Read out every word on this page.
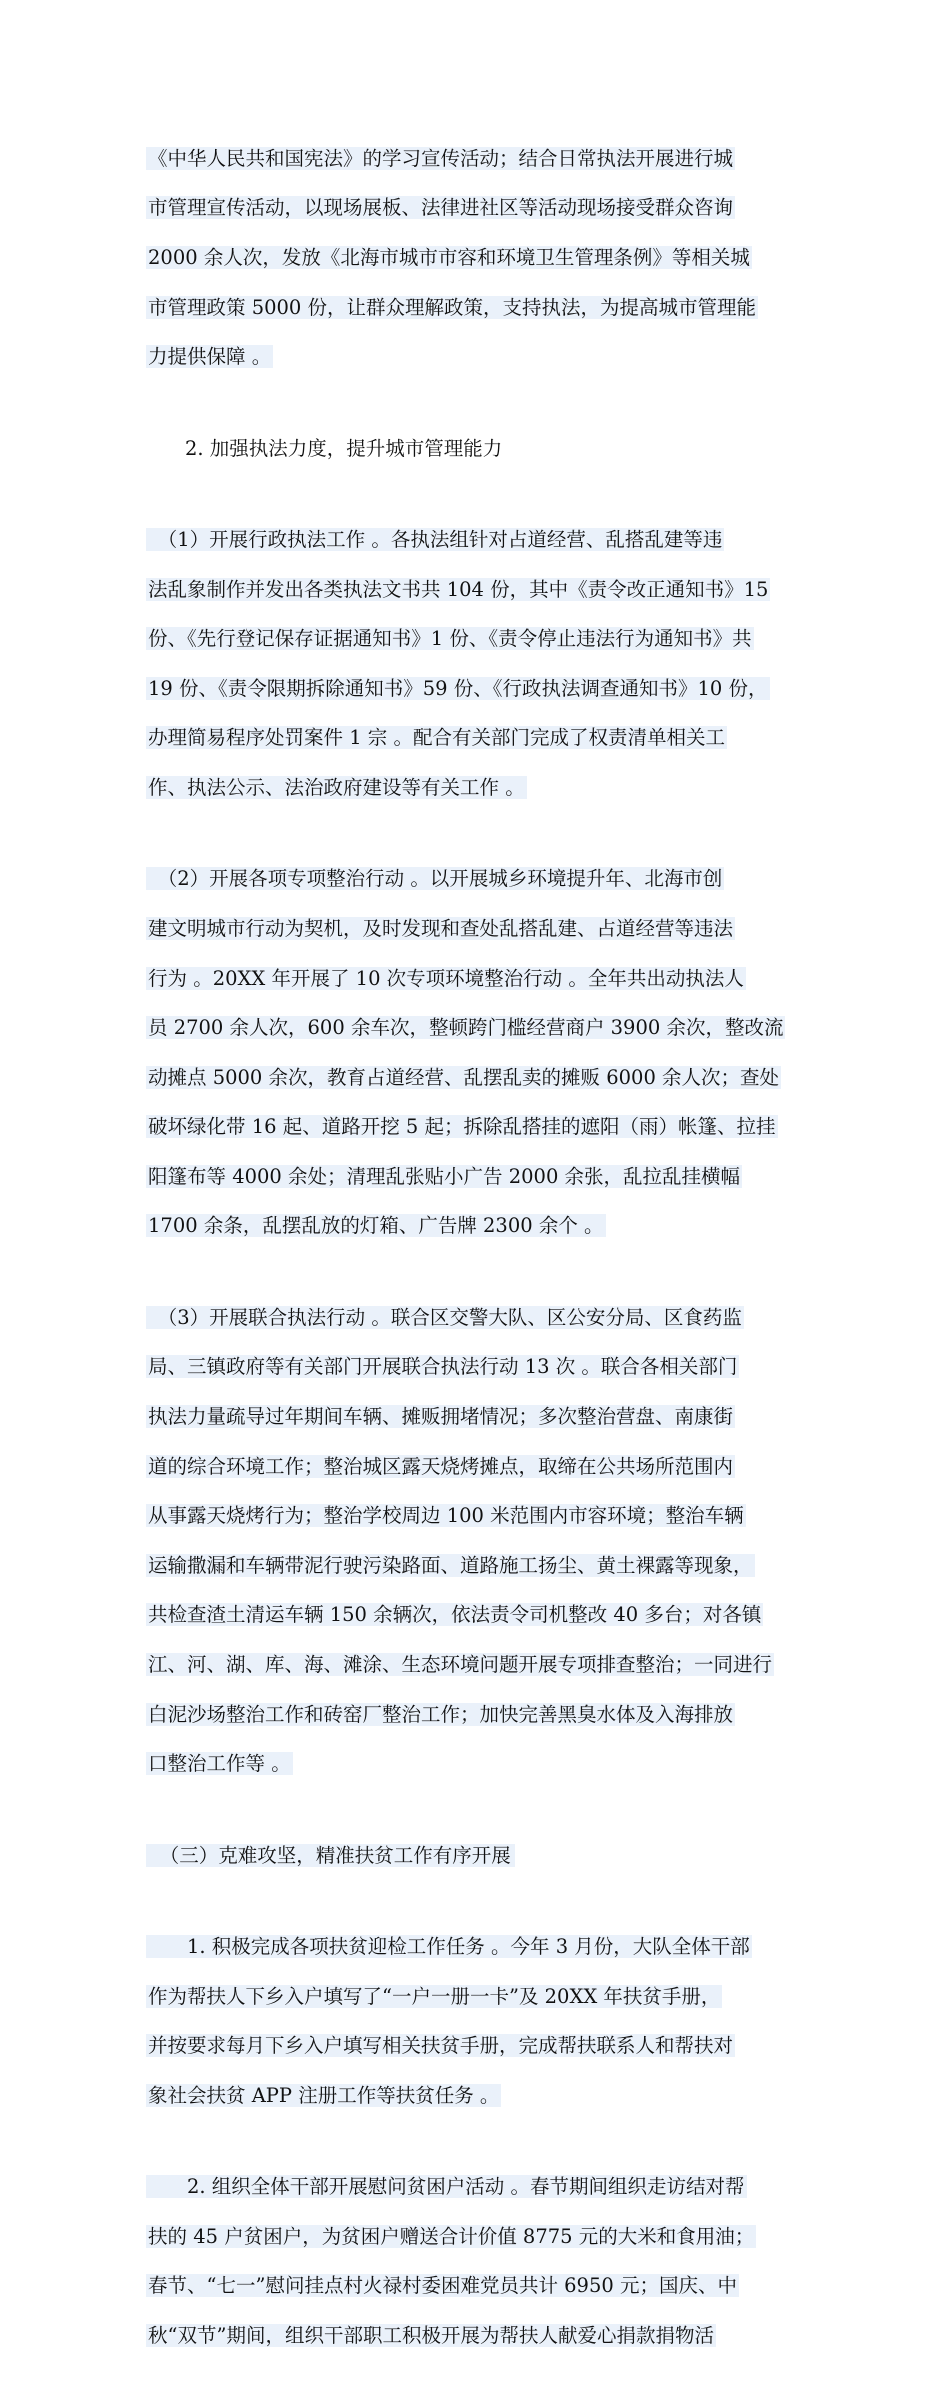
《中华人民共和国宪法》的学习宣传活动；结合日常执法开展进行城

市管理宣传活动，以现场展板、法律进社区等活动现场接受群众咨询

2000 余人次，发放《北海市城市市容和环境卫生管理条例》等相关城

市管理政策 5000 份，让群众理解政策，支持执法，为提高城市管理能

力提供保障 。

　　2. 加强执法力度，提升城市管理能力

　（1）开展行政执法工作 。各执法组针对占道经营、乱搭乱建等违

法乱象制作并发出各类执法文书共 104 份，其中《责令改正通知书》15

份、《先行登记保存证据通知书》1 份、《责令停止违法行为通知书》共

19 份、《责令限期拆除通知书》59 份、《行政执法调查通知书》10 份，

办理简易程序处罚案件 1 宗 。配合有关部门完成了权责清单相关工

作、执法公示、法治政府建设等有关工作 。

　（2）开展各项专项整治行动 。以开展城乡环境提升年、北海市创

建文明城市行动为契机，及时发现和查处乱搭乱建、占道经营等违法

行为 。20XX 年开展了 10 次专项环境整治行动 。全年共出动执法人

员 2700 余人次，600 余车次，整顿跨门槛经营商户 3900 余次，整改流

动摊点 5000 余次，教育占道经营、乱摆乱卖的摊贩 6000 余人次；查处

破坏绿化带 16 起、道路开挖 5 起；拆除乱搭挂的遮阳（雨）帐篷、拉挂

阳篷布等 4000 余处；清理乱张贴小广告 2000 余张，乱拉乱挂横幅

1700 余条，乱摆乱放的灯箱、广告牌 2300 余个 。

　（3）开展联合执法行动 。联合区交警大队、区公安分局、区食药监

局、三镇政府等有关部门开展联合执法行动 13 次 。联合各相关部门

执法力量疏导过年期间车辆、摊贩拥堵情况；多次整治营盘、南康街

道的综合环境工作；整治城区露天烧烤摊点，取缔在公共场所范围内

从事露天烧烤行为；整治学校周边 100 米范围内市容环境；整治车辆

运输撒漏和车辆带泥行驶污染路面、道路施工扬尘、黄土裸露等现象，

共检查渣土清运车辆 150 余辆次，依法责令司机整改 40 多台；对各镇

江、河、湖、库、海、滩涂、生态环境问题开展专项排查整治；一同进行

白泥沙场整治工作和砖窑厂整治工作；加快完善黑臭水体及入海排放

口整治工作等 。

　（三）克难攻坚，精准扶贫工作有序开展

　　1. 积极完成各项扶贫迎检工作任务 。今年 3 月份，大队全体干部

作为帮扶人下乡入户填写了“一户一册一卡”及 20XX 年扶贫手册，

并按要求每月下乡入户填写相关扶贫手册，完成帮扶联系人和帮扶对

象社会扶贫 APP 注册工作等扶贫任务 。

　　2. 组织全体干部开展慰问贫困户活动 。春节期间组织走访结对帮

扶的 45 户贫困户，为贫困户赠送合计价值 8775 元的大米和食用油；

春节、“七一”慰问挂点村火禄村委困难党员共计 6950 元；国庆、中

秋“双节”期间，组织干部职工积极开展为帮扶人献爱心捐款捐物活
